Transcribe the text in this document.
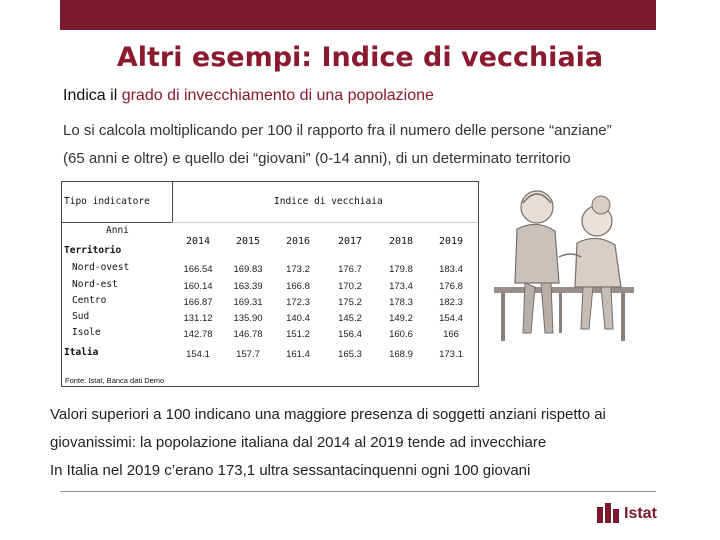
Altri esempi: Indice di vecchiaia
Indica il grado di invecchiamento di una popolazione
Lo si calcola moltiplicando per 100 il rapporto fra il numero delle persone “anziane”
(65 anni e oltre) e quello dei “giovani” (0-14 anni), di un determinato territorio
Tipo indicatore	Indice di vecchiaia
Anni
Territorio
2014	2015	2016	2017	2018	2019
Nord-ovest	166.54	169.83	173.2	176.7	179.8	183.4
Nord-est	160.14	163.39	166.8	170.2	173.4	176.8
Centro	166.87	169.31	172.3	175.2	178.3	182.3
Sud	131.12	135.90	140.4	145.2	149.2	154.4
Isole	142.78	146.78	151.2	156.4	160.6	166
Italia	154.1	157.7	161.4	165.3	168.9	173.1
Fonte: Istat, Banca dati Demo
Valori superiori a 100 indicano una maggiore presenza di soggetti anziani rispetto ai
giovanissimi: la popolazione italiana dal 2014 al 2019 tende ad invecchiare
In Italia nel 2019 c’erano 173,1 ultra sessantacinquenni ogni 100 giovani
Istat
